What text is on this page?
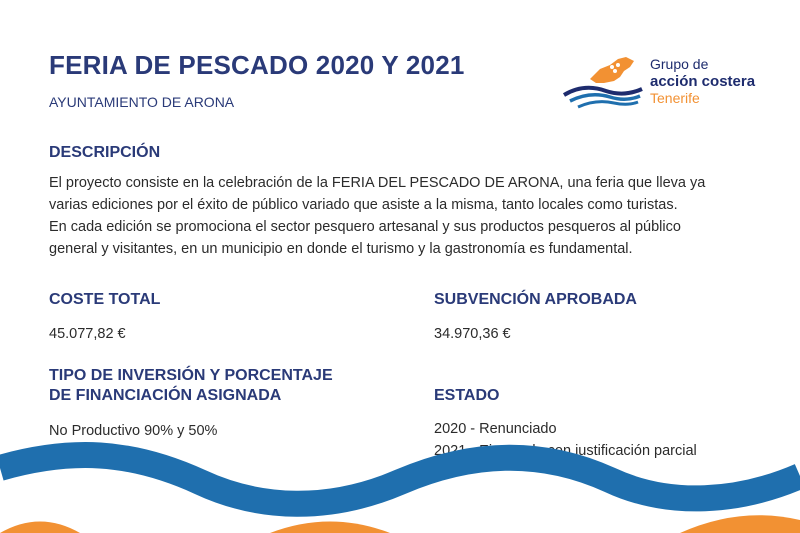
FERIA DE PESCADO 2020 Y 2021
AYUNTAMIENTO DE ARONA
Grupo de
acción costera
Tenerife
DESCRIPCIÓN
El proyecto consiste en la celebración de la FERIA DEL PESCADO DE ARONA, una feria que lleva ya
varias ediciones por el éxito de público variado que asiste a la misma, tanto locales como turistas.
En cada edición se promociona el sector pesquero artesanal y sus productos pesqueros al público
general y visitantes, en un municipio en donde el turismo y la gastronomía es fundamental.
COSTE TOTAL
45.077,82 €
SUBVENCIÓN APROBADA
34.970,36 €
TIPO DE INVERSIÓN Y PORCENTAJE
DE FINANCIACIÓN ASIGNADA
No Productivo 90% y 50%
ESTADO
2020 - Renunciado
2021 - Ejecutado con justificación parcial
